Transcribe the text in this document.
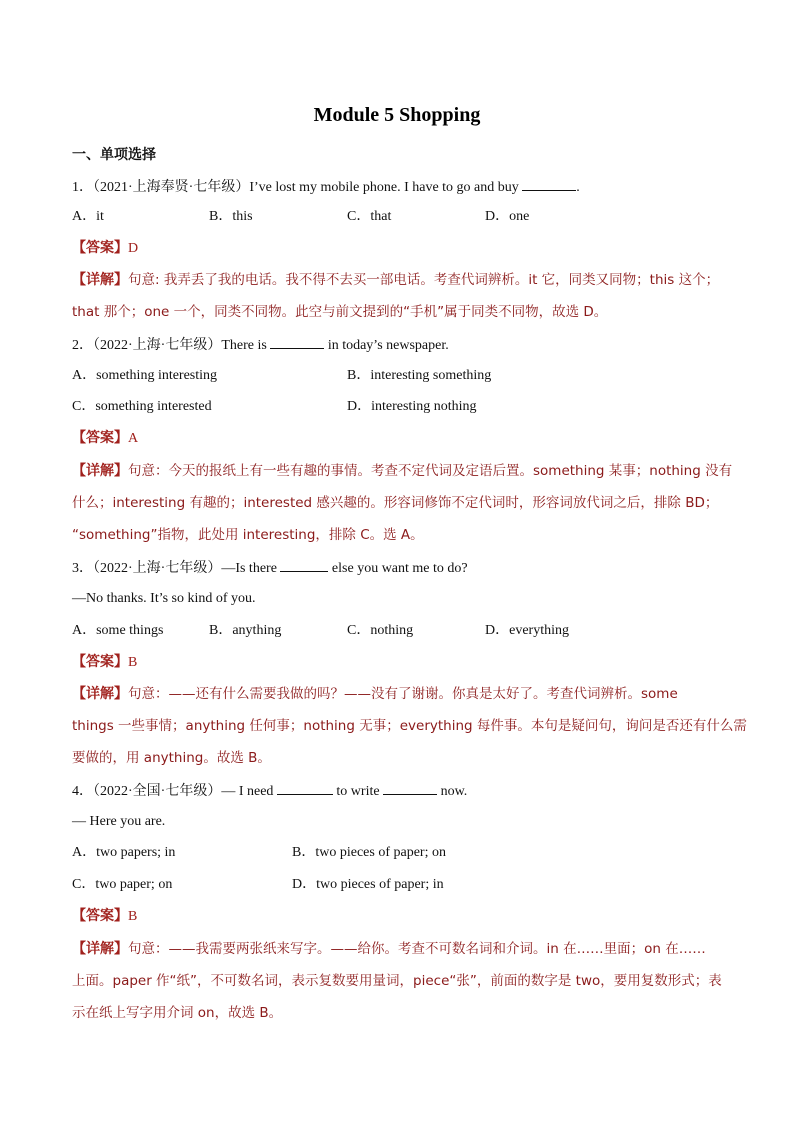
Module 5 Shopping
一、单项选择
1．（2021·上海奉贤·七年级）I’ve lost my mobile phone. I have to go and buy	.
A．it	B．this	C．that	D．one
【答案】D
【详解】句意: 我弄丢了我的电话。我不得不去买一部电话。考查代词辨析。it 它，同类又同物；this 这个；
that 那个；one 一个，同类不同物。此空与前文提到的“手机”属于同类不同物，故选 D。
2．（2022·上海·七年级）There is	in today’s newspaper.
A．something interesting	B．interesting something
C．something interested	D．interesting nothing
【答案】A
【详解】句意：今天的报纸上有一些有趣的事情。考查不定代词及定语后置。something 某事；nothing 没有
什么；interesting 有趣的；interested 感兴趣的。形容词修饰不定代词时，形容词放代词之后，排除 BD；
“something”指物，此处用 interesting，排除 C。选 A。
3．（2022·上海·七年级）—Is there	else you want me to do?
—No thanks. It’s so kind of you.
A．some things	B．anything	C．nothing	D．everything
【答案】B
【详解】句意：——还有什么需要我做的吗？——没有了谢谢。你真是太好了。考查代词辨析。some
things 一些事情；anything 任何事；nothing 无事；everything 每件事。本句是疑问句，询问是否还有什么需
要做的，用 anything。故选 B。
4．（2022·全国·七年级）— I need	to write	now.
— Here you are.
A．two papers; in	B．two pieces of paper; on
C．two paper; on	D．two pieces of paper; in
【答案】B
【详解】句意：——我需要两张纸来写字。——给你。考查不可数名词和介词。in 在……里面；on 在……
上面。paper 作“纸”，不可数名词，表示复数要用量词，piece“张”，前面的数字是 two，要用复数形式；表
示在纸上写字用介词 on，故选 B。
